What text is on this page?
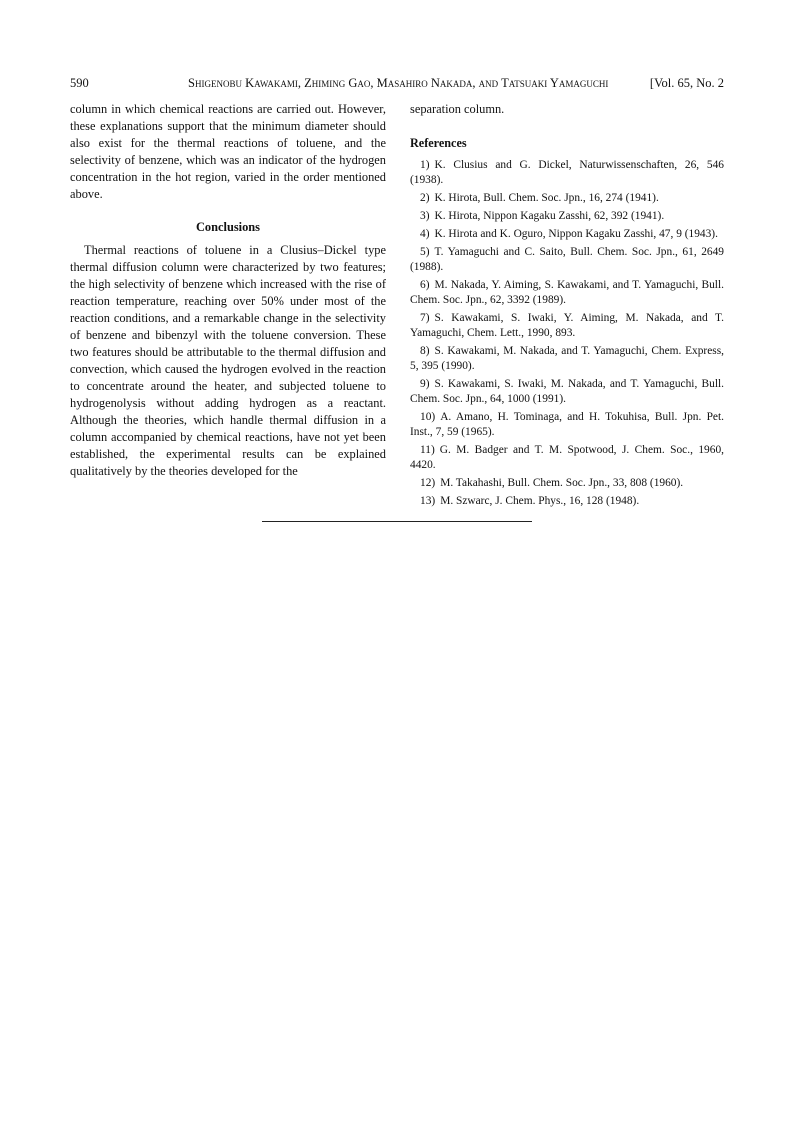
590	Shigenobu Kawakami, Zhiming Gao, Masahiro Nakada, and Tatsuaki Yamaguchi	[Vol. 65, No. 2

column in which chemical reactions are carried out. However, these explanations support that the minimum diameter should also exist for the thermal reactions of toluene, and the selectivity of benzene, which was an indicator of the hydrogen concentration in the hot region, varied in the order mentioned above.

Conclusions

Thermal reactions of toluene in a Clusius–Dickel type thermal diffusion column were characterized by two features; the high selectivity of benzene which increased with the rise of reaction temperature, reaching over 50% under most of the reaction conditions, and a remarkable change in the selectivity of benzene and bibenzyl with the toluene conversion. These two features should be attributable to the thermal diffusion and convection, which caused the hydrogen evolved in the reaction to concentrate around the heater, and subjected toluene to hydrogenolysis without adding hydrogen as a reactant. Although the theories, which handle thermal diffusion in a column accompanied by chemical reactions, have not yet been established, the experimental results can be explained qualitatively by the theories developed for the

separation column.

References
1) K. Clusius and G. Dickel, Naturwissenschaften, 26, 546 (1938).
2) K. Hirota, Bull. Chem. Soc. Jpn., 16, 274 (1941).
3) K. Hirota, Nippon Kagaku Zasshi, 62, 392 (1941).
4) K. Hirota and K. Oguro, Nippon Kagaku Zasshi, 47, 9 (1943).
5) T. Yamaguchi and C. Saito, Bull. Chem. Soc. Jpn., 61, 2649 (1988).
6) M. Nakada, Y. Aiming, S. Kawakami, and T. Yamaguchi, Bull. Chem. Soc. Jpn., 62, 3392 (1989).
7) S. Kawakami, S. Iwaki, Y. Aiming, M. Nakada, and T. Yamaguchi, Chem. Lett., 1990, 893.
8) S. Kawakami, M. Nakada, and T. Yamaguchi, Chem. Express, 5, 395 (1990).
9) S. Kawakami, S. Iwaki, M. Nakada, and T. Yamaguchi, Bull. Chem. Soc. Jpn., 64, 1000 (1991).
10) A. Amano, H. Tominaga, and H. Tokuhisa, Bull. Jpn. Pet. Inst., 7, 59 (1965).
11) G. M. Badger and T. M. Spotwood, J. Chem. Soc., 1960, 4420.
12) M. Takahashi, Bull. Chem. Soc. Jpn., 33, 808 (1960).
13) M. Szwarc, J. Chem. Phys., 16, 128 (1948).
